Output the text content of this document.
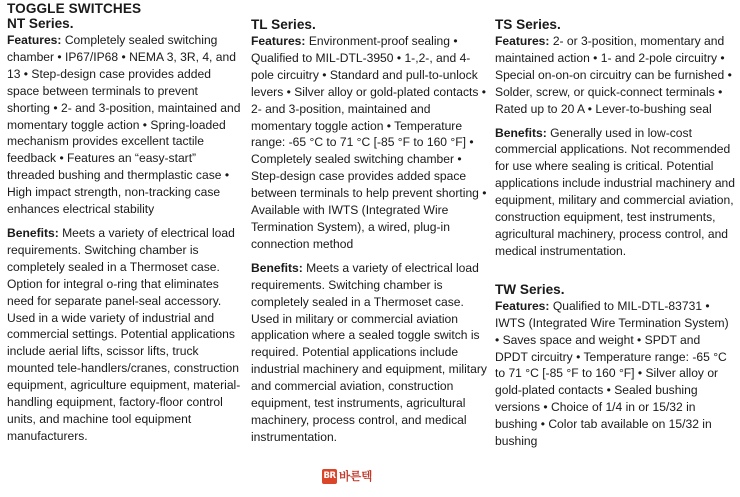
TOGGLE SWITCHES
NT Series.

Features: Completely sealed switching chamber • IP67/IP68 • NEMA 3, 3R, 4, and 13 • Step-design case provides added space between terminals to prevent shorting • 2- and 3-position, maintained and momentary toggle action • Spring-loaded mechanism provides excellent tactile feedback • Features an “easy-start” threaded bushing and thermplastic case • High impact strength, non-tracking case enhances electrical stability

Benefits: Meets a variety of electrical load requirements. Switching chamber is completely sealed in a Thermoset case. Option for integral o-ring that eliminates need for separate panel-seal accessory. Used in a wide variety of industrial and commercial settings. Potential applications include aerial lifts, scissor lifts, truck mounted tele-handlers/cranes, construction equipment, agriculture equipment, material-handling equipment, factory-floor control units, and machine tool equipment manufacturers.

TL Series.

Features: Environment-proof sealing • Qualified to MIL-DTL-3950 • 1-,2-, and 4-pole circuitry • Standard and pull-to-unlock levers • Silver alloy or gold-plated contacts • 2- and 3-position, maintained and momentary toggle action • Temperature range: -65 °C to 71 °C [-85 °F to 160 °F] • Completely sealed switching chamber • Step-design case provides added space between terminals to help prevent shorting • Available with IWTS (Integrated Wire Termination System), a wired, plug-in connection method

Benefits: Meets a variety of electrical load requirements. Switching chamber is completely sealed in a Thermoset case. Used in military or commercial aviation application where a sealed toggle switch is required. Potential applications include industrial machinery and equipment, military and commercial aviation, construction equipment, test instruments, agricultural machinery, process control, and medical instrumentation.

TS Series.

Features: 2- or 3-position, momentary and maintained action • 1- and 2-pole circuitry • Special on-on-on circuitry can be furnished • Solder, screw, or quick-connect terminals • Rated up to 20 A • Lever-to-bushing seal

Benefits: Generally used in low-cost commercial applications. Not recommended for use where sealing is critical. Potential applications include industrial machinery and equipment, military and commercial aviation, construction equipment, test instruments, agricultural machinery, process control, and medical instrumentation.

TW Series.

Features: Qualified to MIL-DTL-83731 • IWTS (Integrated Wire Termination System) • Saves space and weight • SPDT and DPDT circuitry • Temperature range: -65 °C to 71 °C [-85 °F to 160 °F] • Silver alloy or gold-plated contacts • Sealed bushing versions • Choice of 1/4 in or 15/32 in bushing • Color tab available on 15/32 in bushing

BR 바른텍
